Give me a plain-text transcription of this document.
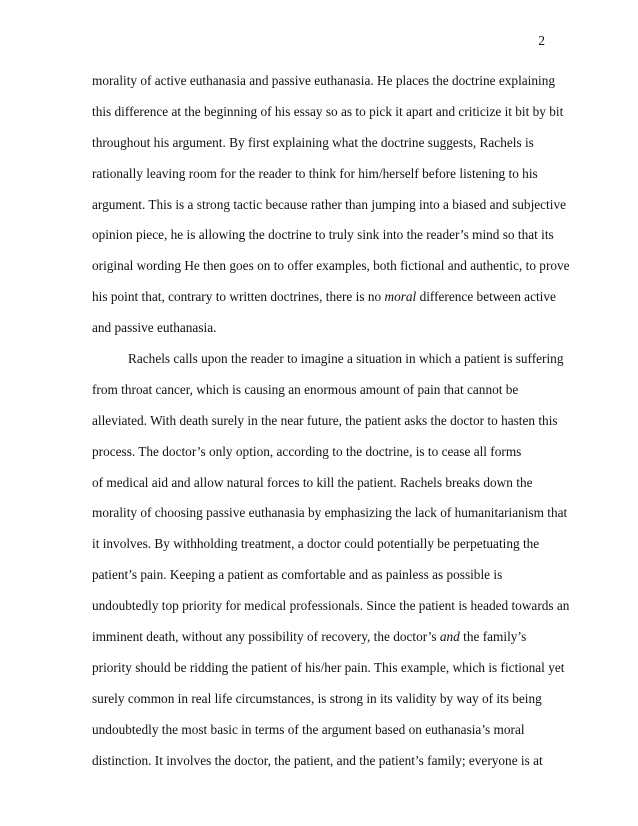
2
morality of active euthanasia and passive euthanasia. He places the doctrine explaining
this difference at the beginning of his essay so as to pick it apart and criticize it bit by bit
throughout his argument. By first explaining what the doctrine suggests, Rachels is
rationally leaving room for the reader to think for him/herself before listening to his
argument. This is a strong tactic because rather than jumping into a biased and subjective
opinion piece, he is allowing the doctrine to truly sink into the reader’s mind so that its
original wording He then goes on to offer examples, both fictional and authentic, to prove
his point that, contrary to written doctrines, there is no moral difference between active
and passive euthanasia.
Rachels calls upon the reader to imagine a situation in which a patient is suffering
from throat cancer, which is causing an enormous amount of pain that cannot be
alleviated. With death surely in the near future, the patient asks the doctor to hasten this
process. The doctor’s only option, according to the doctrine, is to cease all forms
of medical aid and allow natural forces to kill the patient. Rachels breaks down the
morality of choosing passive euthanasia by emphasizing the lack of humanitarianism that
it involves. By withholding treatment, a doctor could potentially be perpetuating the
patient’s pain. Keeping a patient as comfortable and as painless as possible is
undoubtedly top priority for medical professionals. Since the patient is headed towards an
imminent death, without any possibility of recovery, the doctor’s and the family’s
priority should be ridding the patient of his/her pain. This example, which is fictional yet
surely common in real life circumstances, is strong in its validity by way of its being
undoubtedly the most basic in terms of the argument based on euthanasia’s moral
distinction. It involves the doctor, the patient, and the patient’s family; everyone is at
